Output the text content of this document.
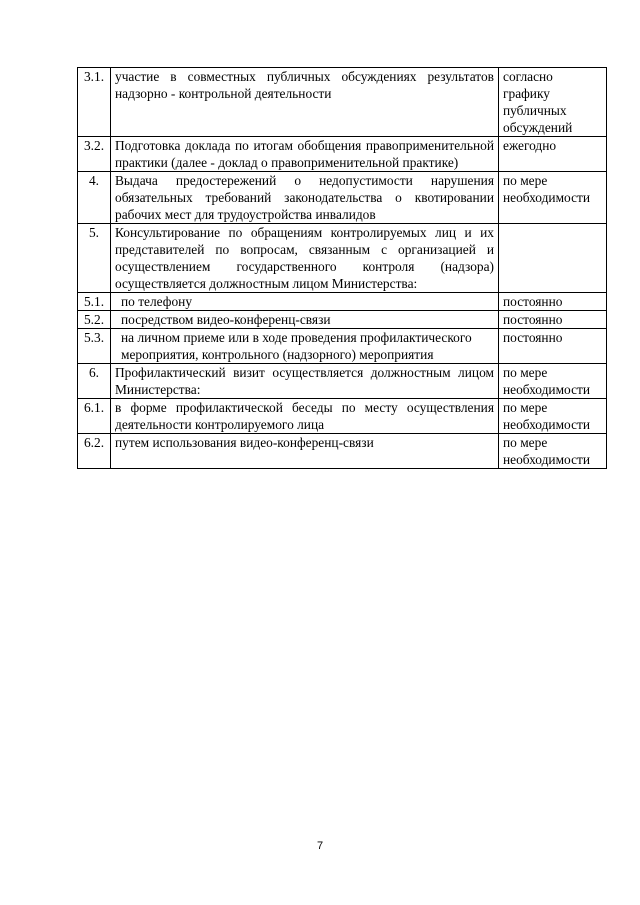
3.1.	участие в совместных публичных обсуждениях результатов надзорно - контрольной деятельности	согласно графику публичных обсуждений
3.2.	Подготовка доклада по итогам обобщения правоприменительной практики (далее - доклад о правоприменительной практике)	ежегодно
4.	Выдача предостережений о недопустимости нарушения обязательных требований законодательства о квотировании рабочих мест для трудоустройства инвалидов	по мере необходимости
5.	Консультирование по обращениям контролируемых лиц и их представителей по вопросам, связанным с организацией и осуществлением государственного контроля (надзора) осуществляется должностным лицом Министерства:	
5.1.	по телефону	постоянно
5.2.	посредством видео-конференц-связи	постоянно
5.3.	на личном приеме или в ходе проведения профилактического мероприятия, контрольного (надзорного) мероприятия	постоянно
6.	Профилактический визит осуществляется должностным лицом Министерства:	по мере необходимости
6.1.	в форме профилактической беседы по месту осуществления деятельности контролируемого лица	по мере необходимости
6.2.	путем использования видео-конференц-связи	по мере необходимости
7
